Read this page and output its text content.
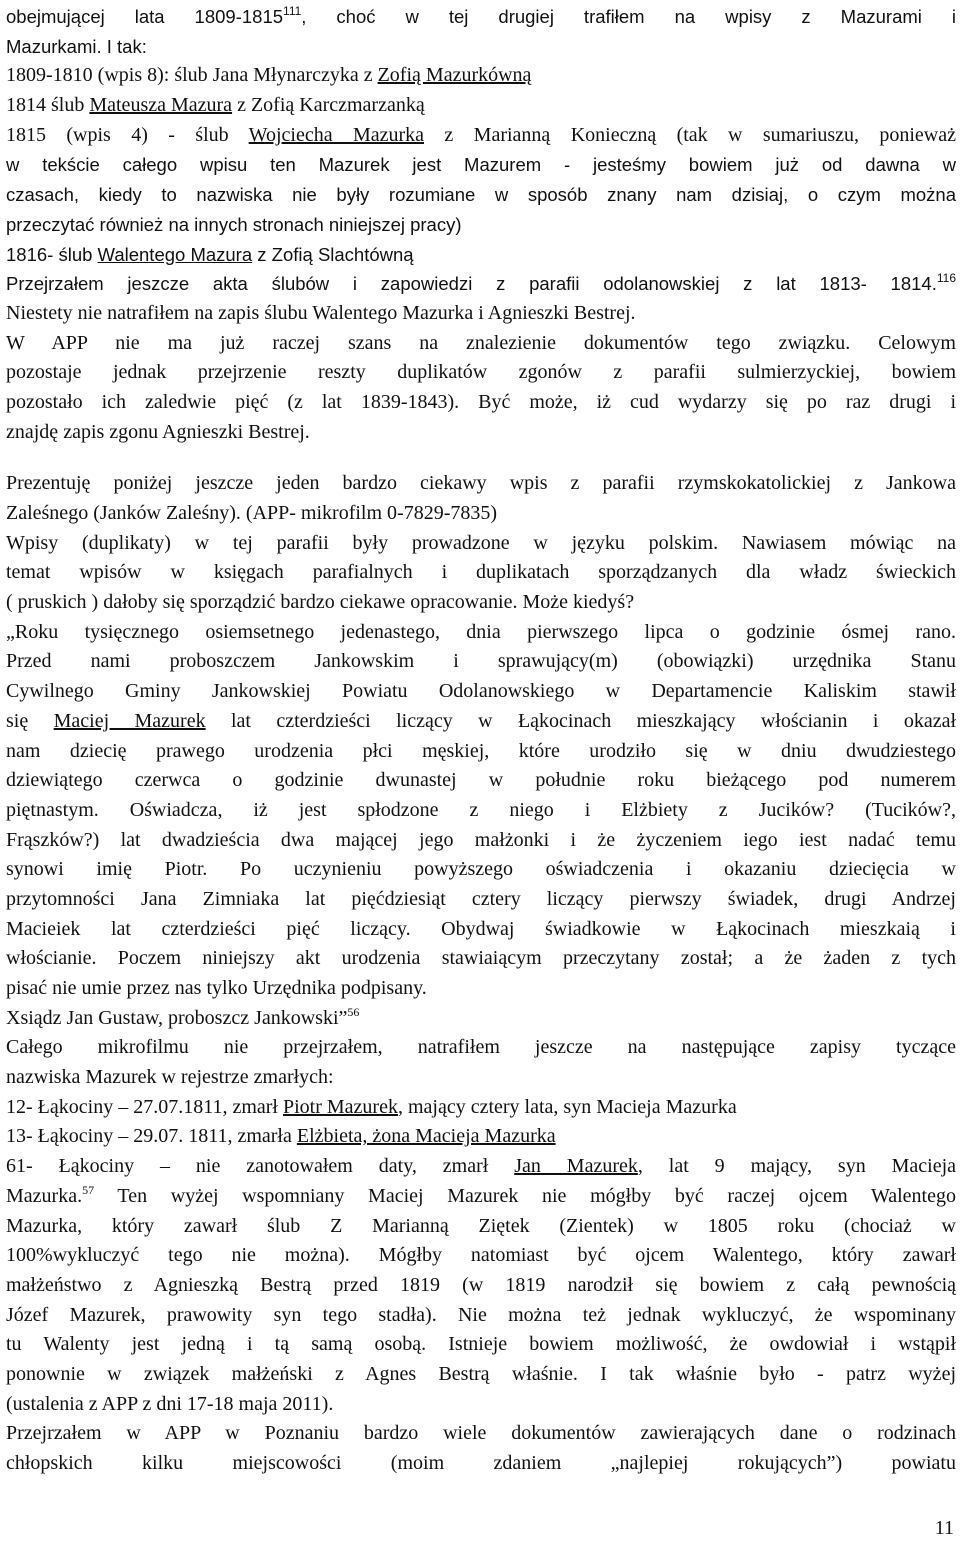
obejmującej lata 1809-1815$^{111}$, choć w tej drugiej trafiłem na wpisy z Mazurami i
Mazurkami. I tak:
1809-1810 (wpis 8): ślub Jana Młynarczyka z Zofią Mazurkówną
1814 ślub Mateusza Mazura z Zofią Karczmarzanką
1815 (wpis 4) - ślub Wojciecha Mazurka z Marianną Konieczną (tak w sumariuszu, ponieważ
w tekście całego wpisu ten Mazurek jest Mazurem - jesteśmy bowiem już od dawna w
czasach, kiedy to nazwiska nie były rozumiane w sposób znany nam dzisiaj, o czym można
przeczytać również na innych stronach niniejszej pracy)
1816- ślub Walentego Mazura z Zofią Slachtówną
Przejrzałem jeszcze akta ślubów i zapowiedzi z parafii odolanowskiej z lat 1813- 1814.$^{116}$
Niestety nie natrafiłem na zapis ślubu Walentego Mazurka i Agnieszki Bestrej.
W APP nie ma już raczej szans na znalezienie dokumentów tego związku. Celowym
pozostaje jednak przejrzenie reszty duplikatów zgonów z parafii sulmierzyckiej, bowiem
pozostało ich zaledwie pięć (z lat 1839-1843). Być może, iż cud wydarzy się po raz drugi i
znajdę zapis zgonu Agnieszki Bestrej.
Prezentuję poniżej jeszcze jeden bardzo ciekawy wpis z parafii rzymskokatolickiej z Jankowa
Zaleśnego (Janków Zaleśny). (APP- mikrofilm 0-7829-7835)
Wpisy (duplikaty) w tej parafii były prowadzone w języku polskim. Nawiasem mówiąc na
temat wpisów w księgach parafialnych i duplikatach sporządzanych dla władz świeckich
( pruskich ) dałoby się sporządzić bardzo ciekawe opracowanie. Może kiedyś?
„Roku tysięcznego osiemsetnego jedenastego, dnia pierwszego lipca o godzinie ósmej rano.
Przed nami proboszczem Jankowskim i sprawujący(m) (obowiązki) urzędnika Stanu
Cywilnego Gminy Jankowskiej Powiatu Odolanowskiego w Departamencie Kaliskim stawił
się Maciej Mazurek lat czterdzieści liczący w Łąkocinach mieszkający włościanin i okazał
nam dziecię prawego urodzenia płci męskiej, które urodziło się w dniu dwudziestego
dziewiątego czerwca o godzinie dwunastej w południe roku bieżącego pod numerem
piętnastym. Oświadcza, iż jest spłodzone z niego i Elżbiety z Jucików? (Tucików?,
Frąszków?) lat dwadzieścia dwa mającej jego małżonki i że życzeniem iego iest nadać temu
synowi imię Piotr. Po uczynieniu powyższego oświadczenia i okazaniu dziecięcia w
przytomności Jana Zimniaka lat pięćdziesiąt cztery liczący pierwszy świadek, drugi Andrzej
Macieiek lat czterdzieści pięć liczący. Obydwaj świadkowie w Łąkocinach mieszkaią i
włościanie. Poczem niniejszy akt urodzenia stawiaiącym przeczytany został; a że żaden z tych
pisać nie umie przez nas tylko Urzędnika podpisany.
Xsiądz Jan Gustaw, proboszcz Jankowski”$^{56}$
Całego mikrofilmu nie przejrzałem, natrafiłem jeszcze na następujące zapisy tyczące
nazwiska Mazurek w rejestrze zmarłych:
12- Łąkociny – 27.07.1811, zmarł Piotr Mazurek, mający cztery lata, syn Macieja Mazurka
13- Łąkociny – 29.07. 1811, zmarła Elżbieta, żona Macieja Mazurka
61- Łąkociny – nie zanotowałem daty, zmarł Jan Mazurek, lat 9 mający, syn Macieja
Mazurka.$^{57}$ Ten wyżej wspomniany Maciej Mazurek nie mógłby być raczej ojcem Walentego
Mazurka, który zawarł ślub Z Marianną Ziętek (Zientek) w 1805 roku (chociaż w
100%wykluczyć tego nie można). Mógłby natomiast być ojcem Walentego, który zawarł
małżeństwo z Agnieszką Bestrą przed 1819 (w 1819 narodził się bowiem z całą pewnością
Józef Mazurek, prawowity syn tego stadła). Nie można też jednak wykluczyć, że wspominany
tu Walenty jest jedną i tą samą osobą. Istnieje bowiem możliwość, że owdowiał i wstąpił
ponownie w związek małżeński z Agnes Bestrą właśnie. I tak właśnie było - patrz wyżej
(ustalenia z APP z dni 17-18 maja 2011).
Przejrzałem w APP w Poznaniu bardzo wiele dokumentów zawierających dane o rodzinach
chłopskich kilku miejscowości (moim zdaniem „najlepiej rokujących”) powiatu
11
